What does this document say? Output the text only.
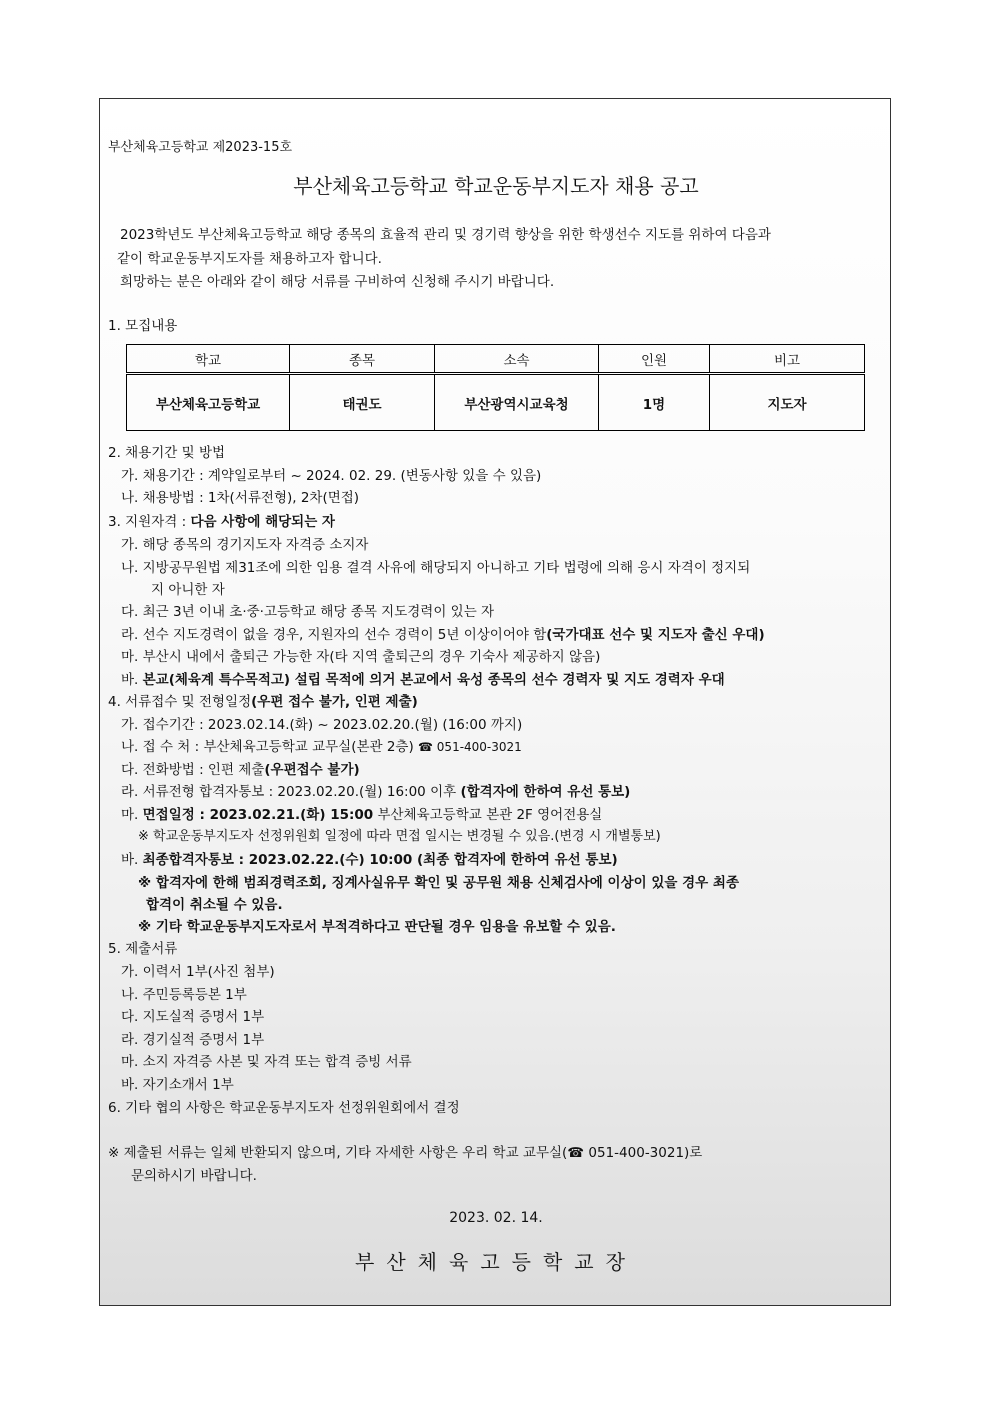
부산체육고등학교 제2023-15호
부산체육고등학교 학교운동부지도자 채용 공고
2023학년도 부산체육고등학교 해당 종목의 효율적 관리 및 경기력 향상을 위한 학생선수 지도를 위하여 다음과
같이 학교운동부지도자를 채용하고자 합니다.
희망하는 분은 아래와 같이 해당 서류를 구비하여 신청해 주시기 바랍니다.
1. 모집내용
학교	종목	소속	인원	비고
부산체육고등학교	태권도	부산광역시교육청	1명	지도자
2. 채용기간 및 방법
가. 채용기간 : 계약일로부터 ~ 2024. 02. 29. (변동사항 있을 수 있음)
나. 채용방법 : 1차(서류전형), 2차(면접)
3. 지원자격 : 다음 사항에 해당되는 자
가. 해당 종목의 경기지도자 자격증 소지자
나. 지방공무원법 제31조에 의한 임용 결격 사유에 해당되지 아니하고 기타 법령에 의해 응시 자격이 정지되
지 아니한 자
다. 최근 3년 이내 초·중·고등학교 해당 종목 지도경력이 있는 자
라. 선수 지도경력이 없을 경우, 지원자의 선수 경력이 5년 이상이어야 함(국가대표 선수 및 지도자 출신 우대)
마. 부산시 내에서 출퇴근 가능한 자(타 지역 출퇴근의 경우 기숙사 제공하지 않음)
바. 본교(체육계 특수목적고) 설립 목적에 의거 본교에서 육성 종목의 선수 경력자 및 지도 경력자 우대
4. 서류접수 및 전형일정(우편 접수 불가, 인편 제출)
가. 접수기간 : 2023.02.14.(화) ~ 2023.02.20.(월) (16:00 까지)
나. 접 수 처 : 부산체육고등학교 교무실(본관 2층) ☎ 051-400-3021
다. 전화방법 : 인편 제출(우편접수 불가)
라. 서류전형 합격자통보 : 2023.02.20.(월) 16:00 이후 (합격자에 한하여 유선 통보)
마. 면접일정 : 2023.02.21.(화) 15:00 부산체육고등학교 본관 2F 영어전용실
※ 학교운동부지도자 선정위원회 일정에 따라 면접 일시는 변경될 수 있음.(변경 시 개별통보)
바. 최종합격자통보 : 2023.02.22.(수) 10:00 (최종 합격자에 한하여 유선 통보)
※ 합격자에 한해 범죄경력조회, 징계사실유무 확인 및 공무원 채용 신체검사에 이상이 있을 경우 최종
합격이 취소될 수 있음.
※ 기타 학교운동부지도자로서 부적격하다고 판단될 경우 임용을 유보할 수 있음.
5. 제출서류
가. 이력서 1부(사진 첨부)
나. 주민등록등본 1부
다. 지도실적 증명서 1부
라. 경기실적 증명서 1부
마. 소지 자격증 사본 및 자격 또는 합격 증빙 서류
바. 자기소개서 1부
6. 기타 협의 사항은 학교운동부지도자 선정위원회에서 결정
※ 제출된 서류는 일체 반환되지 않으며, 기타 자세한 사항은 우리 학교 교무실(☎ 051-400-3021)로
문의하시기 바랍니다.
2023. 02. 14.
부산체육고등학교장
